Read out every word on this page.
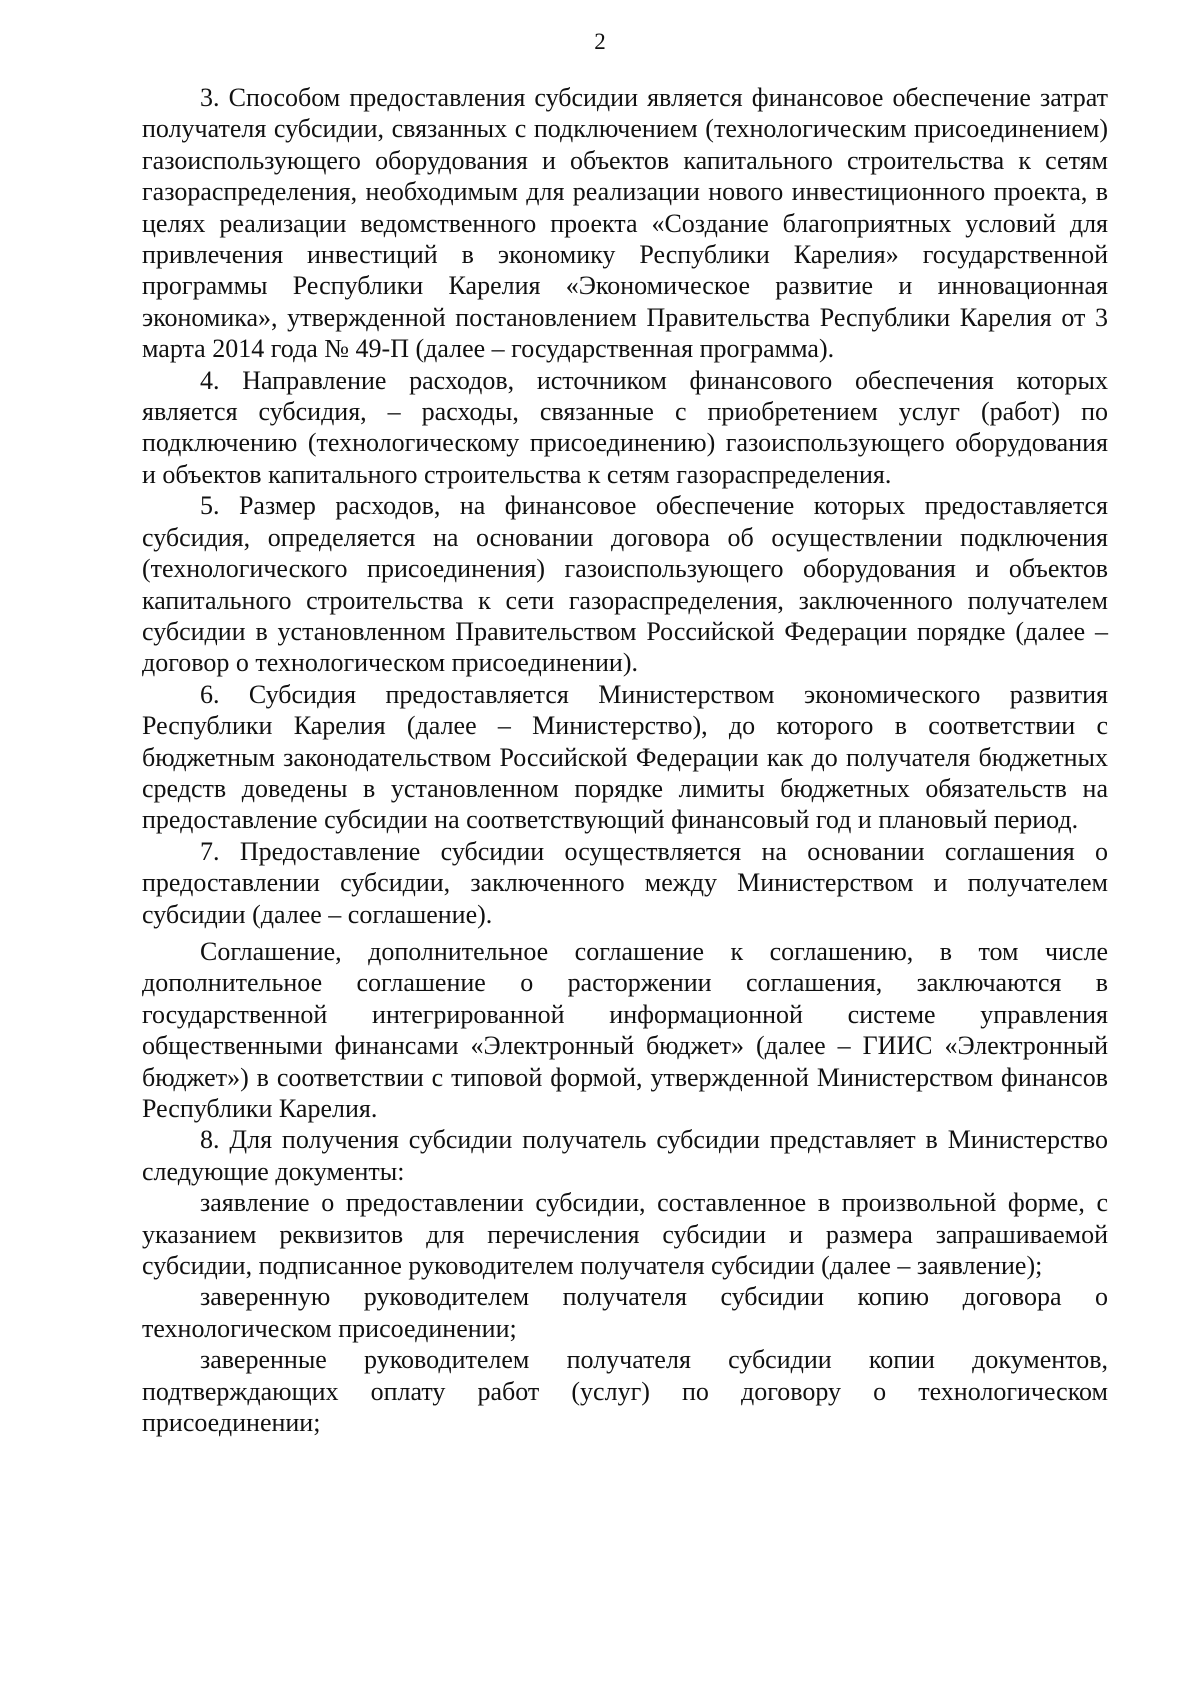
2

3. Способом предоставления субсидии является финансовое обеспечение затрат получателя субсидии, связанных с подключением (технологическим присоединением) газоиспользующего оборудования и объектов капитального строительства к сетям газораспределения, необходимым для реализации нового инвестиционного проекта, в целях реализации ведомственного проекта «Создание благоприятных условий для привлечения инвестиций в экономику Республики Карелия» государственной программы Республики Карелия «Экономическое развитие и инновационная экономика», утвержденной постановлением Правительства Республики Карелия от 3 марта 2014 года № 49-П (далее – государственная программа).

4. Направление расходов, источником финансового обеспечения которых является субсидия, – расходы, связанные с приобретением услуг (работ) по подключению (технологическому присоединению) газоиспользующего оборудования и объектов капитального строительства к сетям газораспределения.

5. Размер расходов, на финансовое обеспечение которых предоставляется субсидия, определяется на основании договора об осуществлении подключения (технологического присоединения) газоиспользующего оборудования и объектов капитального строительства к сети газораспределения, заключенного получателем субсидии в установленном Правительством Российской Федерации порядке (далее – договор о технологическом присоединении).

6. Субсидия предоставляется Министерством экономического развития Республики Карелия (далее – Министерство), до которого в соответствии с бюджетным законодательством Российской Федерации как до получателя бюджетных средств доведены в установленном порядке лимиты бюджетных обязательств на предоставление субсидии на соответствующий финансовый год и плановый период.

7. Предоставление субсидии осуществляется на основании соглашения о предоставлении субсидии, заключенного между Министерством и получателем субсидии (далее – соглашение).

Соглашение, дополнительное соглашение к соглашению, в том числе дополнительное соглашение о расторжении соглашения, заключаются в государственной интегрированной информационной системе управления общественными финансами «Электронный бюджет» (далее – ГИИС «Электронный бюджет») в соответствии с типовой формой, утвержденной Министерством финансов Республики Карелия.

8. Для получения субсидии получатель субсидии представляет в Министерство следующие документы:

заявление о предоставлении субсидии, составленное в произвольной форме, с указанием реквизитов для перечисления субсидии и размера запрашиваемой субсидии, подписанное руководителем получателя субсидии (далее – заявление);

заверенную руководителем получателя субсидии копию договора о технологическом присоединении;

заверенные руководителем получателя субсидии копии документов, подтверждающих оплату работ (услуг) по договору о технологическом присоединении;
